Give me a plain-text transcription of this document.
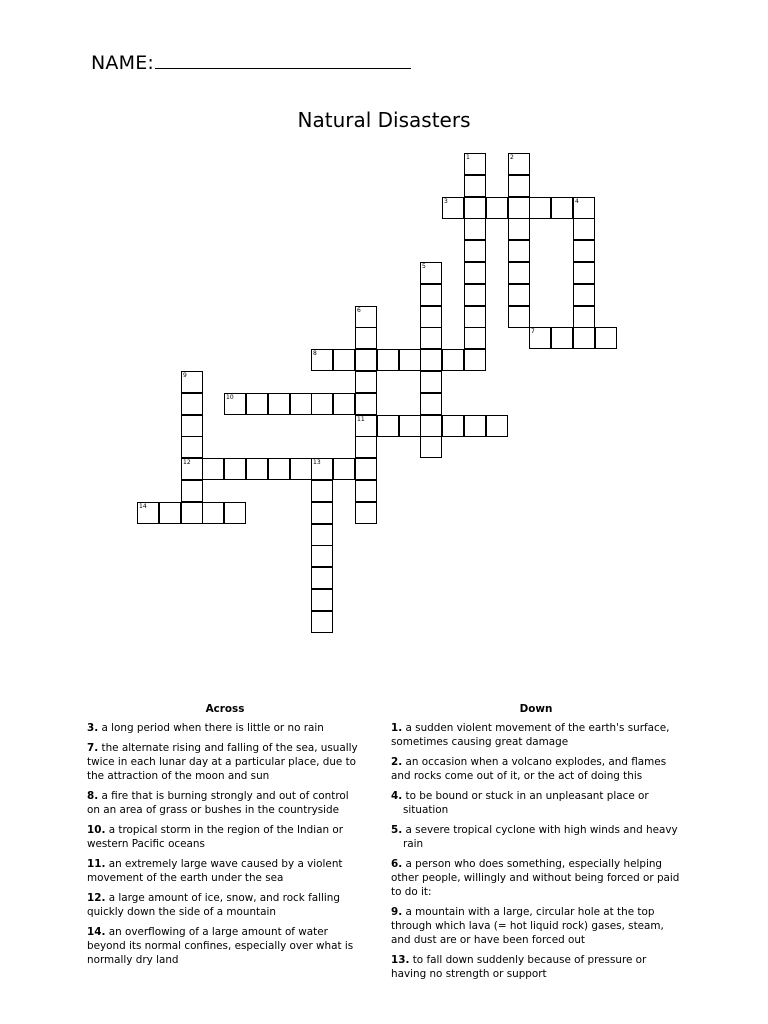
NAME:
Natural Disasters
1	2
3	4
5
6
11
7
8
9
12
10
13
14
Across
3. a long period when there is little or no rain
7. the alternate rising and falling of the sea, usually twice in each lunar day at a particular place, due to the attraction of the moon and sun
8. a fire that is burning strongly and out of control on an area of grass or bushes in the countryside
10. a tropical storm in the region of the Indian or western Pacific oceans
11. an extremely large wave caused by a violent movement of the earth under the sea
12. a large amount of ice, snow, and rock falling quickly down the side of a mountain
14. an overflowing of a large amount of water beyond its normal confines, especially over what is normally dry land
Down
1. a sudden violent movement of the earth's surface, sometimes causing great damage
2. an occasion when a volcano explodes, and flames and rocks come out of it, or the act of doing this
4. to be bound or stuck in an unpleasant place or situation
5. a severe tropical cyclone with high winds and heavy rain
6. a person who does something, especially helping other people, willingly and without being forced or paid to do it:
9. a mountain with a large, circular hole at the top through which lava (= hot liquid rock) gases, steam, and dust are or have been forced out
13. to fall down suddenly because of pressure or having no strength or support
